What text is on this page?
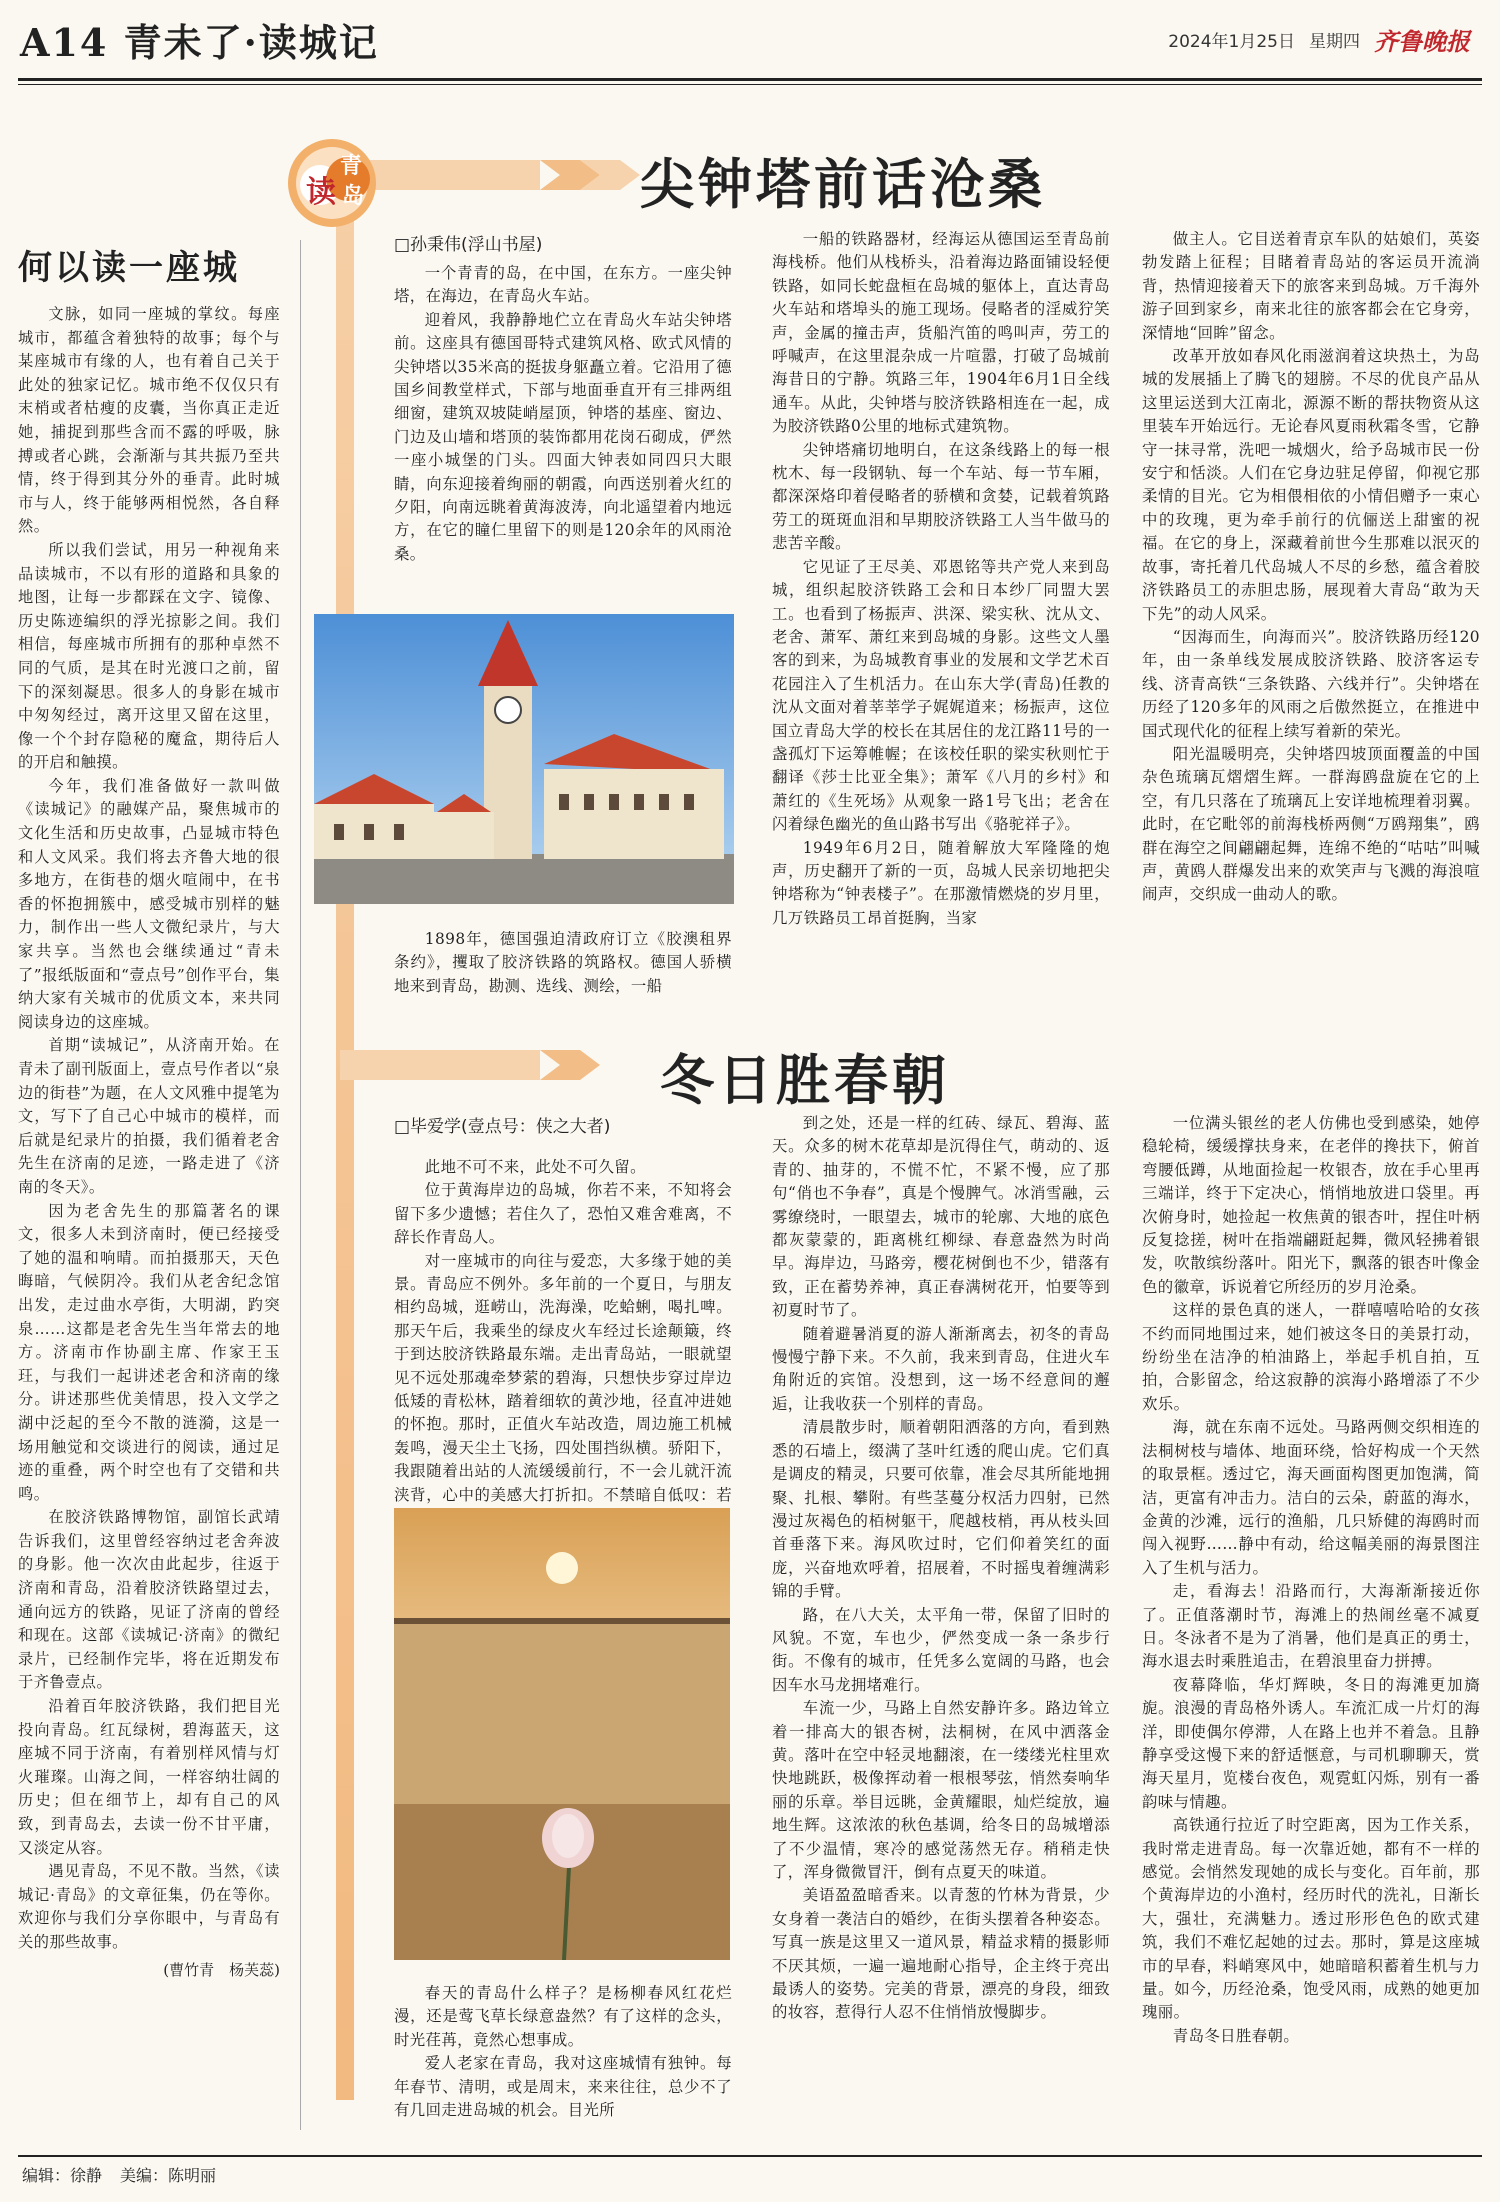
A14 青未了·读城记	2024年1月25日 星期四 齐鲁晚报
读
青
岛
何以读一座城

文脉，如同一座城的掌纹。每座城市，都蕴含着独特的故事；每个与某座城市有缘的人，也有着自己关于此处的独家记忆。城市绝不仅仅只有末梢或者枯瘦的皮囊，当你真正走近她，捕捉到那些含而不露的呼吸，脉搏或者心跳，会渐渐与其共振乃至共情，终于得到其分外的垂青。此时城市与人，终于能够两相悦然，各自释然。

所以我们尝试，用另一种视角来品读城市，不以有形的道路和具象的地图，让每一步都踩在文字、镜像、历史陈迹编织的浮光掠影之间。我们相信，每座城市所拥有的那种卓然不同的气质，是其在时光渡口之前，留下的深刻凝思。很多人的身影在城市中匆匆经过，离开这里又留在这里，像一个个封存隐秘的魔盒，期待后人的开启和触摸。

今年，我们准备做好一款叫做《读城记》的融媒产品，聚焦城市的文化生活和历史故事，凸显城市特色和人文风采。我们将去齐鲁大地的很多地方，在街巷的烟火喧闹中，在书香的怀抱拥簇中，感受城市别样的魅力，制作出一些人文微纪录片，与大家共享。当然也会继续通过“青未了”报纸版面和“壹点号”创作平台，集纳大家有关城市的优质文本，来共同阅读身边的这座城。

首期“读城记”，从济南开始。在青未了副刊版面上，壹点号作者以“泉边的街巷”为题，在人文风雅中提笔为文，写下了自己心中城市的模样，而后就是纪录片的拍摄，我们循着老舍先生在济南的足迹，一路走进了《济南的冬天》。

因为老舍先生的那篇著名的课文，很多人未到济南时，便已经接受了她的温和响晴。而拍摄那天，天色晦暗，气候阴冷。我们从老舍纪念馆出发，走过曲水亭街，大明湖，趵突泉……这都是老舍先生当年常去的地方。济南市作协副主席、作家王玉玨，与我们一起讲述老舍和济南的缘分。讲述那些优美情思，投入文学之湖中泛起的至今不散的涟漪，这是一场用触觉和交谈进行的阅读，通过足迹的重叠，两个时空也有了交错和共鸣。

在胶济铁路博物馆，副馆长武靖告诉我们，这里曾经容纳过老舍奔波的身影。他一次次由此起步，往返于济南和青岛，沿着胶济铁路望过去，通向远方的铁路，见证了济南的曾经和现在。这部《读城记·济南》的微纪录片，已经制作完毕，将在近期发布于齐鲁壹点。

沿着百年胶济铁路，我们把目光投向青岛。红瓦绿树，碧海蓝天，这座城不同于济南，有着别样风情与灯火璀璨。山海之间，一样容纳壮阔的历史；但在细节上，却有自己的风致，到青岛去，去读一份不甘平庸，又淡定从容。

遇见青岛，不见不散。当然，《读城记·青岛》的文章征集，仍在等你。欢迎你与我们分享你眼中，与青岛有关的那些故事。

(曹竹青　杨芙蕊)
尖钟塔前话沧桑
□孙秉伟(浮山书屋)

一个青青的岛，在中国，在东方。一座尖钟塔，在海边，在青岛火车站。

迎着风，我静静地伫立在青岛火车站尖钟塔前。这座具有德国哥特式建筑风格、欧式风情的尖钟塔以35米高的挺拔身躯矗立着。它沿用了德国乡间教堂样式，下部与地面垂直开有三排两组细窗，建筑双坡陡峭屋顶，钟塔的基座、窗边、门边及山墙和塔顶的装饰都用花岗石砌成，俨然一座小城堡的门头。四面大钟表如同四只大眼睛，向东迎接着绚丽的朝霞，向西送别着火红的夕阳，向南远眺着黄海波涛，向北遥望着内地远方，在它的瞳仁里留下的则是120余年的风雨沧桑。

1898年，德国强迫清政府订立《胶澳租界条约》，攫取了胶济铁路的筑路权。德国人骄横地来到青岛，勘测、选线、测绘，一船

一船的铁路器材，经海运从德国运至青岛前海栈桥。他们从栈桥头，沿着海边路面铺设轻便铁路，如同长蛇盘桓在岛城的躯体上，直达青岛火车站和塔埠头的施工现场。侵略者的淫威狞笑声，金属的撞击声，货船汽笛的鸣叫声，劳工的呼喊声，在这里混杂成一片喧嚣，打破了岛城前海昔日的宁静。筑路三年，1904年6月1日全线通车。从此，尖钟塔与胶济铁路相连在一起，成为胶济铁路0公里的地标式建筑物。

尖钟塔痛切地明白，在这条线路上的每一根枕木、每一段钢轨、每一个车站、每一节车厢，都深深烙印着侵略者的骄横和贪婪，记载着筑路劳工的斑斑血泪和早期胶济铁路工人当牛做马的悲苦辛酸。

它见证了王尽美、邓恩铭等共产党人来到岛城，组织起胶济铁路工会和日本纱厂同盟大罢工。也看到了杨振声、洪深、梁实秋、沈从文、老舍、萧军、萧红来到岛城的身影。这些文人墨客的到来，为岛城教育事业的发展和文学艺术百花园注入了生机活力。在山东大学(青岛)任教的沈从文面对着莘莘学子娓娓道来；杨振声，这位国立青岛大学的校长在其居住的龙江路11号的一盏孤灯下运筹帷幄；在该校任职的梁实秋则忙于翻译《莎士比亚全集》；萧军《八月的乡村》和萧红的《生死场》从观象一路1号飞出；老舍在闪着绿色幽光的鱼山路书写出《骆驼祥子》。

1949年6月2日，随着解放大军隆隆的炮声，历史翻开了新的一页，岛城人民亲切地把尖钟塔称为“钟表楼子”。在那激情燃烧的岁月里，几万铁路员工昂首挺胸，当家

做主人。它目送着青京车队的姑娘们，英姿勃发踏上征程；目睹着青岛站的客运员开流淌背，热情迎接着天下的旅客来到岛城。万千海外游子回到家乡，南来北往的旅客都会在它身旁，深情地“回眸”留念。

改革开放如春风化雨滋润着这块热土，为岛城的发展插上了腾飞的翅膀。不尽的优良产品从这里运送到大江南北，源源不断的帮扶物资从这里装车开始远行。无论春风夏雨秋霜冬雪，它静守一抹寻常，洗吧一城烟火，给予岛城市民一份安宁和恬淡。人们在它身边驻足停留，仰视它那柔情的目光。它为相偎相依的小情侣赠予一束心中的玫瑰，更为牵手前行的伉俪送上甜蜜的祝福。在它的身上，深藏着前世今生那难以泯灭的故事，寄托着几代岛城人不尽的乡愁，蕴含着胶济铁路员工的赤胆忠肠，展现着大青岛“敢为天下先”的动人风采。

“因海而生，向海而兴”。胶济铁路历经120年，由一条单线发展成胶济铁路、胶济客运专线、济青高铁“三条铁路、六线并行”。尖钟塔在历经了120多年的风雨之后傲然挺立，在推进中国式现代化的征程上续写着新的荣光。

阳光温暖明亮，尖钟塔四坡顶面覆盖的中国杂色琉璃瓦熠熠生辉。一群海鸥盘旋在它的上空，有几只落在了琉璃瓦上安详地梳理着羽翼。此时，在它毗邻的前海栈桥两侧“万鸥翔集”，鸥群在海空之间翩翩起舞，连绵不绝的“咕咕”叫喊声，黄鸥人群爆发出来的欢笑声与飞溅的海浪喧闹声，交织成一曲动人的歌。

冬日胜春朝
□毕爱学(壹点号：侠之大者)

此地不可不来，此处不可久留。

位于黄海岸边的岛城，你若不来，不知将会留下多少遗憾；若住久了，恐怕又难舍难离，不辞长作青岛人。

对一座城市的向往与爱恋，大多缘于她的美景。青岛应不例外。多年前的一个夏日，与朋友相约岛城，逛崂山，洗海澡，吃蛤蜊，喝扎啤。那天午后，我乘坐的绿皮火车经过长途颠簸，终于到达胶济铁路最东端。走出青岛站，一眼就望见不远处那魂牵梦萦的碧海，只想快步穿过岸边低矮的青松林，踏着细软的黄沙地，径直冲进她的怀抱。那时，正值火车站改造，周边施工机械轰鸣，漫天尘土飞扬，四处围挡纵横。骄阳下，我跟随着出站的人流缓缓前行，不一会儿就汗流浃背，心中的美感大打折扣。不禁暗自低叹：若

春天的青岛什么样子？是杨柳春风红花烂漫，还是莺飞草长绿意盎然？有了这样的念头，时光荏苒，竟然心想事成。

爱人老家在青岛，我对这座城情有独钟。每年春节、清明，或是周末，来来往往，总少不了有几回走进岛城的机会。目光所

到之处，还是一样的红砖、绿瓦、碧海、蓝天。众多的树木花草却是沉得住气，萌动的、返青的、抽芽的，不慌不忙，不紧不慢，应了那句“俏也不争春”，真是个慢脾气。冰消雪融，云雾缭绕时，一眼望去，城市的轮廓、大地的底色都灰蒙蒙的，距离桃红柳绿、春意盎然为时尚早。海岸边，马路旁，樱花树倒也不少，错落有致，正在蓄势养神，真正春满树花开，怕要等到初夏时节了。

随着避暑消夏的游人渐渐离去，初冬的青岛慢慢宁静下来。不久前，我来到青岛，住进火车角附近的宾馆。没想到，这一场不经意间的邂逅，让我收获一个别样的青岛。

清晨散步时，顺着朝阳洒落的方向，看到熟悉的石墙上，缀满了茎叶红透的爬山虎。它们真是调皮的精灵，只要可依靠，准会尽其所能地拥聚、扎根、攀附。有些茎蔓分权活力四射，已然漫过灰褐色的栢树躯干，爬越枝梢，再从枝头回首垂落下来。海风吹过时，它们仰着笑红的面庞，兴奋地欢呼着，招展着，不时摇曳着缠满彩锦的手臂。

路，在八大关，太平角一带，保留了旧时的风貌。不宽，车也少，俨然变成一条一条步行街。不像有的城市，任凭多么宽阔的马路，也会因车水马龙拥堵难行。

车流一少，马路上自然安静许多。路边耸立着一排高大的银杏树，法桐树，在风中洒落金黄。落叶在空中轻灵地翻滚，在一缕缕光柱里欢快地跳跃，极像挥动着一根根琴弦，悄然奏响华丽的乐章。举目远眺，金黄耀眼，灿烂绽放，遍地生辉。这浓浓的秋色基调，给冬日的岛城增添了不少温情，寒冷的感觉荡然无存。稍稍走快了，浑身微微冒汗，倒有点夏天的味道。

美语盈盈暗香来。以青葱的竹林为背景，少女身着一袭洁白的婚纱，在街头摆着各种姿态。写真一族是这里又一道风景，精益求精的摄影师不厌其烦，一遍一遍地耐心指导，企主终于亮出最诱人的姿势。完美的背景，漂亮的身段，细致的妆容，惹得行人忍不住悄悄放慢脚步。

一位满头银丝的老人仿佛也受到感染，她停稳轮椅，缓缓撑扶身来，在老伴的搀扶下，俯首弯腰低蹲，从地面捡起一枚银杏，放在手心里再三端详，终于下定决心，悄悄地放进口袋里。再次俯身时，她捡起一枚焦黄的银杏叶，捏住叶柄反复捻搓，树叶在指端翩跹起舞，微风轻拂着银发，吹散缤纷落叶。阳光下，飘落的银杏叶像金色的徽章，诉说着它所经历的岁月沧桑。

这样的景色真的迷人，一群嘻嘻哈哈的女孩不约而同地围过来，她们被这冬日的美景打动，纷纷坐在洁净的柏油路上，举起手机自拍，互拍，合影留念，给这寂静的滨海小路增添了不少欢乐。

海，就在东南不远处。马路两侧交织相连的法桐树枝与墙体、地面环绕，恰好构成一个天然的取景框。透过它，海天画面构图更加饱满，简洁，更富有冲击力。洁白的云朵，蔚蓝的海水，金黄的沙滩，远行的渔船，几只矫健的海鸥时而闯入视野……静中有动，给这幅美丽的海景图注入了生机与活力。

走，看海去！沿路而行，大海渐渐接近你了。正值落潮时节，海滩上的热闹丝毫不减夏日。冬泳者不是为了消暑，他们是真正的勇士，海水退去时乘胜追击，在碧浪里奋力拼搏。

夜幕降临，华灯辉映，冬日的海滩更加旖旎。浪漫的青岛格外诱人。车流汇成一片灯的海洋，即使偶尔停滞，人在路上也并不着急。且静静享受这慢下来的舒适惬意，与司机聊聊天，赏海天星月，览楼台夜色，观霓虹闪烁，别有一番韵味与情趣。

高铁通行拉近了时空距离，因为工作关系，我时常走进青岛。每一次靠近她，都有不一样的感觉。会悄然发现她的成长与变化。百年前，那个黄海岸边的小渔村，经历时代的洗礼，日渐长大，强壮，充满魅力。透过形形色色的欧式建筑，我们不难忆起她的过去。那时，算是这座城市的早春，料峭寒风中，她暗暗积蓄着生机与力量。如今，历经沧桑，饱受风雨，成熟的她更加瑰丽。

青岛冬日胜春朝。

编辑：徐静 美编：陈明丽
